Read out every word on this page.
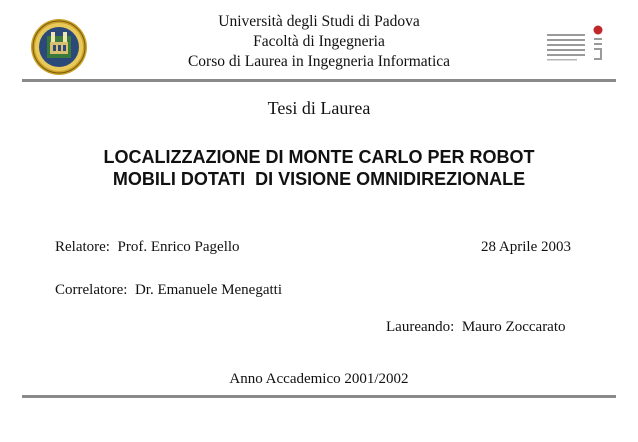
Università degli Studi di Padova
Facoltà di Ingegneria
Corso di Laurea in Ingegneria Informatica
Tesi di Laurea
LOCALIZZAZIONE DI MONTE CARLO PER ROBOT
MOBILI DOTATI  DI VISIONE OMNIDIREZIONALE
Relatore: Prof. Enrico Pagello	28 Aprile 2003
Correlatore: Dr. Emanuele Menegatti
Laureando: Mauro Zoccarato
Anno Accademico 2001/2002
